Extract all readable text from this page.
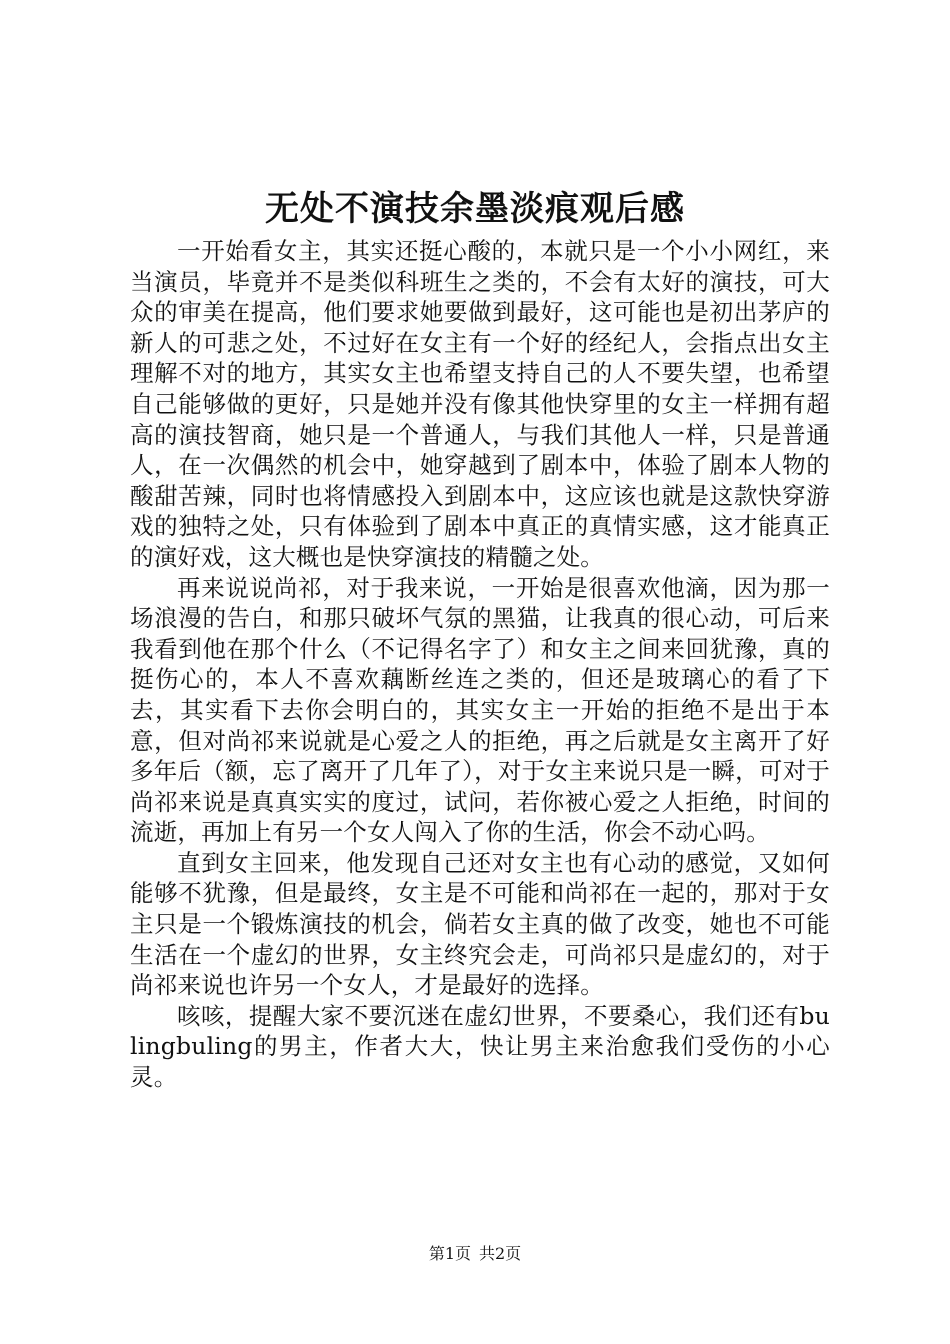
无处不演技余墨淡痕观后感

一开始看女主，其实还挺心酸的，本就只是一个小小网红，来当演员，毕竟并不是类似科班生之类的，不会有太好的演技，可大众的审美在提高，他们要求她要做到最好，这可能也是初出茅庐的新人的可悲之处，不过好在女主有一个好的经纪人，会指点出女主理解不对的地方，其实女主也希望支持自己的人不要失望，也希望自己能够做的更好，只是她并没有像其他快穿里的女主一样拥有超高的演技智商，她只是一个普通人，与我们其他人一样，只是普通人，在一次偶然的机会中，她穿越到了剧本中，体验了剧本人物的酸甜苦辣，同时也将情感投入到剧本中，这应该也就是这款快穿游戏的独特之处，只有体验到了剧本中真正的真情实感，这才能真正的演好戏，这大概也是快穿演技的精髓之处。

再来说说尚祁，对于我来说，一开始是很喜欢他滴，因为那一场浪漫的告白，和那只破坏气氛的黑猫，让我真的很心动，可后来我看到他在那个什么（不记得名字了）和女主之间来回犹豫，真的挺伤心的，本人不喜欢藕断丝连之类的，但还是玻璃心的看了下去，其实看下去你会明白的，其实女主一开始的拒绝不是出于本意，但对尚祁来说就是心爱之人的拒绝，再之后就是女主离开了好多年后（额，忘了离开了几年了），对于女主来说只是一瞬，可对于尚祁来说是真真实实的度过，试问，若你被心爱之人拒绝，时间的流逝，再加上有另一个女人闯入了你的生活，你会不动心吗。

直到女主回来，他发现自己还对女主也有心动的感觉，又如何能够不犹豫，但是最终，女主是不可能和尚祁在一起的，那对于女主只是一个锻炼演技的机会，倘若女主真的做了改变，她也不可能生活在一个虚幻的世界，女主终究会走，可尚祁只是虚幻的，对于尚祁来说也许另一个女人，才是最好的选择。

咳咳，提醒大家不要沉迷在虚幻世界，不要桑心，我们还有bulingbuling的男主，作者大大，快让男主来治愈我们受伤的小心灵。

第1页 共2页
